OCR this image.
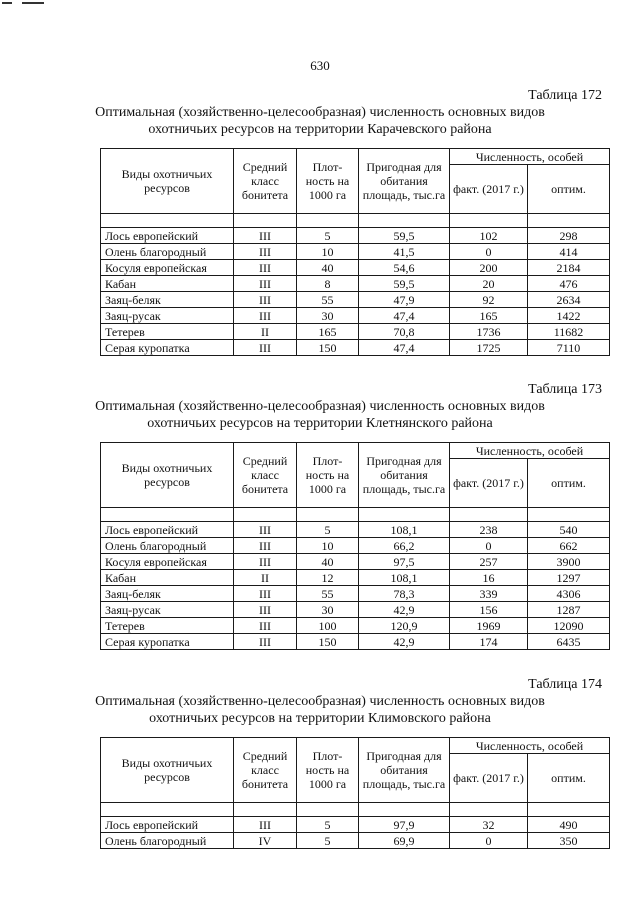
630
Таблица 172
Оптимальная (хозяйственно-целесообразная) численность основных видов
охотничьих ресурсов на территории Карачевского района
Виды охотничьих ресурсов	Средний класс бонитета	Плот- ность на 1000 га	Пригодная для обитания площадь, тыс.га	Численность, особей	
				факт. (2017 г.)	оптим.

Лось европейский	III	5	59,5	102	298
Олень благородный	III	10	41,5	0	414
Косуля европейская	III	40	54,6	200	2184
Кабан	III	8	59,5	20	476
Заяц-беляк	III	55	47,9	92	2634
Заяц-русак	III	30	47,4	165	1422
Тетерев	II	165	70,8	1736	11682
Серая куропатка	III	150	47,4	1725	7110
Таблица 173
Оптимальная (хозяйственно-целесообразная) численность основных видов
охотничьих ресурсов на территории Клетнянского района
Виды охотничьих ресурсов	Средний класс бонитета	Плот- ность на 1000 га	Пригодная для обитания площадь, тыс.га	Численность, особей	
				факт. (2017 г.)	оптим.

Лось европейский	III	5	108,1	238	540
Олень благородный	III	10	66,2	0	662
Косуля европейская	III	40	97,5	257	3900
Кабан	II	12	108,1	16	1297
Заяц-беляк	III	55	78,3	339	4306
Заяц-русак	III	30	42,9	156	1287
Тетерев	III	100	120,9	1969	12090
Серая куропатка	III	150	42,9	174	6435
Таблица 174
Оптимальная (хозяйственно-целесообразная) численность основных видов
охотничьих ресурсов на территории Климовского района
Виды охотничьих ресурсов	Средний класс бонитета	Плот- ность на 1000 га	Пригодная для обитания площадь, тыс.га	Численность, особей	
				факт. (2017 г.)	оптим.

Лось европейский	III	5	97,9	32	490
Олень благородный	IV	5	69,9	0	350
